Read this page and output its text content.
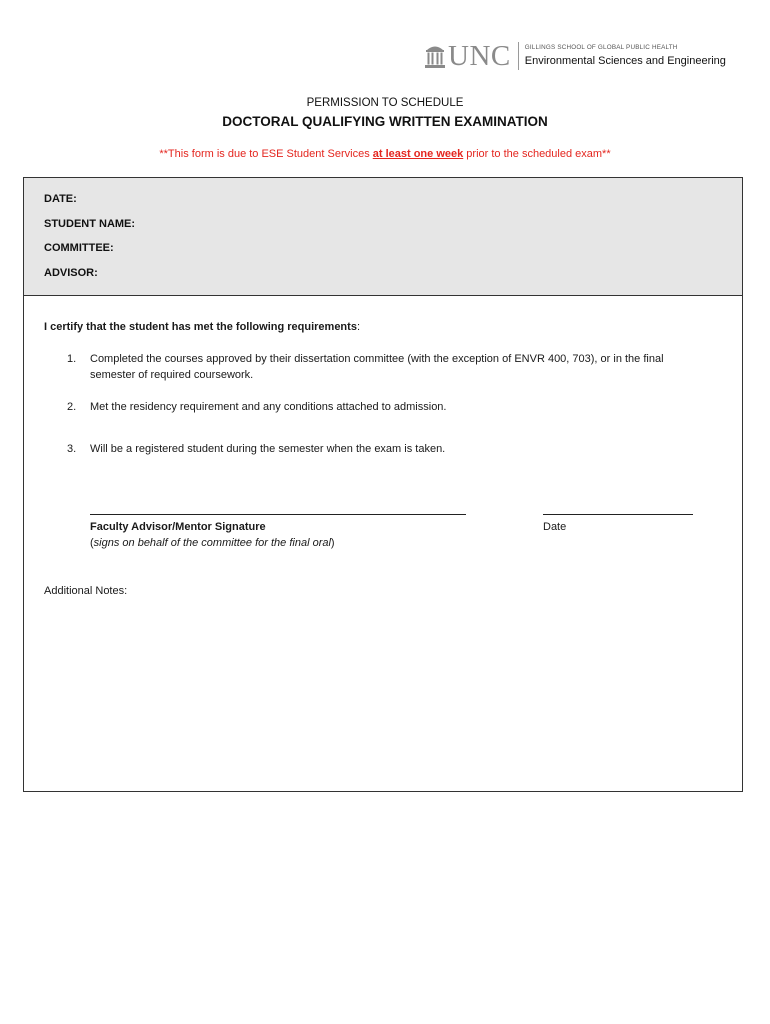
UNC GILLINGS SCHOOL OF GLOBAL PUBLIC HEALTH
Environmental Sciences and Engineering
PERMISSION TO SCHEDULE
DOCTORAL QUALIFYING WRITTEN EXAMINATION
**This form is due to ESE Student Services at least one week prior to the scheduled exam**
DATE:
STUDENT NAME:
COMMITTEE:
ADVISOR:
I certify that the student has met the following requirements:
1.	Completed the courses approved by their dissertation committee (with the exception of ENVR 400, 703), or in the final semester of required coursework.
2.	Met the residency requirement and any conditions attached to admission.
3.	Will be a registered student during the semester when the exam is taken.
Faculty Advisor/Mentor Signature
(signs on behalf of the committee for the final oral)
Date
Additional Notes:
